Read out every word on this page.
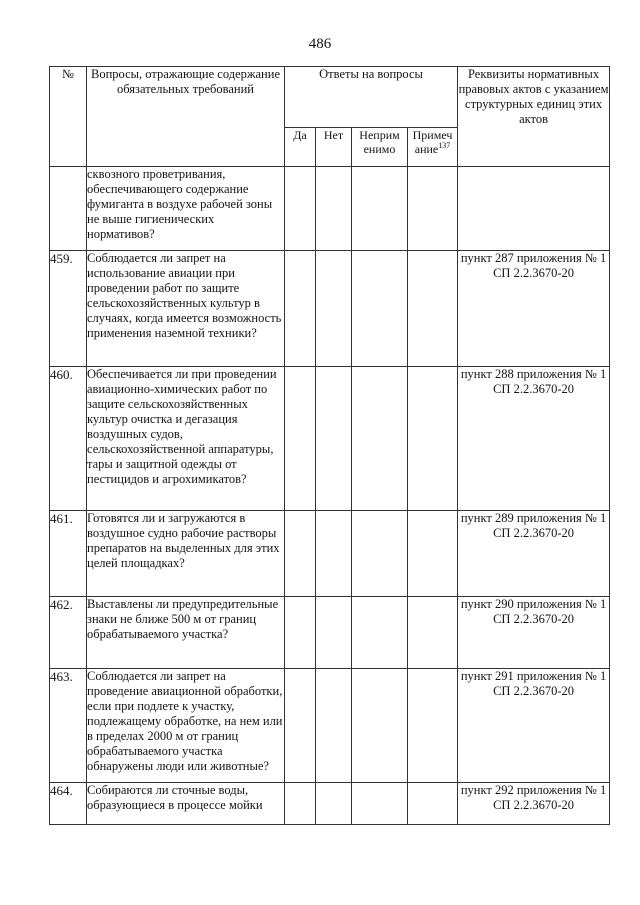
486
№	Вопросы, отражающие содержание обязательных требований	Ответы на вопросы				Реквизиты нормативных правовых актов с указанием структурных единиц этих актов
		Да	Нет	Неприм енимо	Примеч ание$^{137}$
	сквозного проветривания, обеспечивающего содержание фумиганта в воздухе рабочей зоны не выше гигиенических нормативов?					
459.	Соблюдается ли запрет на использование авиации при проведении работ по защите сельскохозяйственных культур в случаях, когда имеется возможность применения наземной техники?					пункт 287 приложения № 1 СП 2.2.3670-20
460.	Обеспечивается ли при проведении авиационно-химических работ по защите сельскохозяйственных культур очистка и дегазация воздушных судов, сельскохозяйственной аппаратуры, тары и защитной одежды от пестицидов и агрохимикатов?					пункт 288 приложения № 1 СП 2.2.3670-20
461.	Готовятся ли и загружаются в воздушное судно рабочие растворы препаратов на выделенных для этих целей площадках?					пункт 289 приложения № 1 СП 2.2.3670-20
462.	Выставлены ли предупредительные знаки не ближе 500 м от границ обрабатываемого участка?					пункт 290 приложения № 1 СП 2.2.3670-20
463.	Соблюдается ли запрет на проведение авиационной обработки, если при подлете к участку, подлежащему обработке, на нем или в пределах 2000 м от границ обрабатываемого участка обнаружены люди или животные?					пункт 291 приложения № 1 СП 2.2.3670-20
464.	Собираются ли сточные воды, образующиеся в процессе мойки					пункт 292 приложения № 1 СП 2.2.3670-20
